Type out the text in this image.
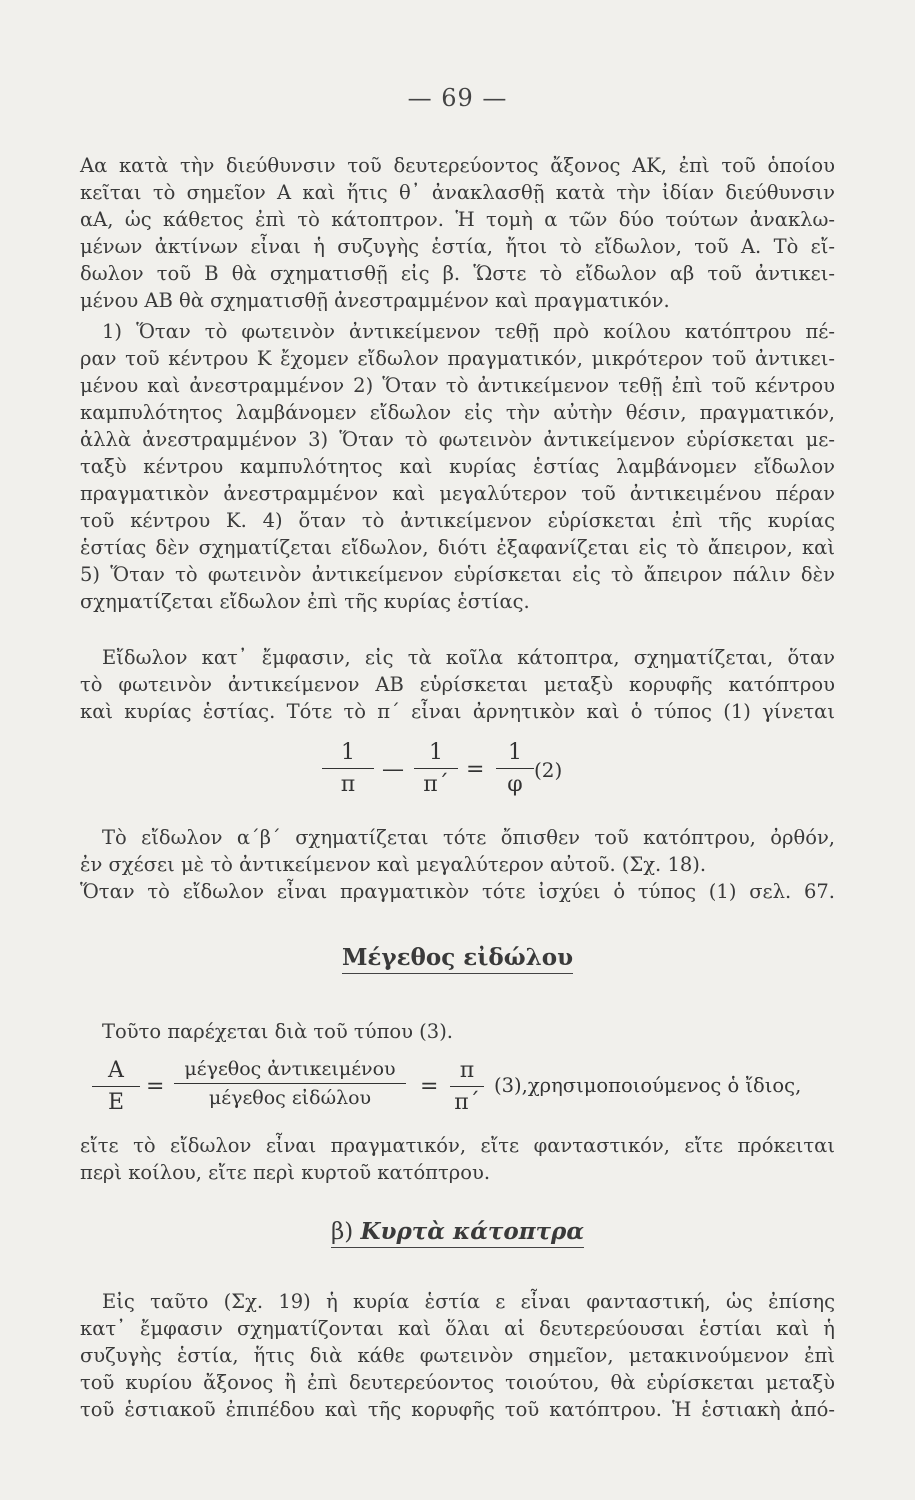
— 69 —
Αα κατὰ τὴν διεύθυνσιν τοῦ δευτερεύοντος ἄξονος ΑΚ, ἐπὶ τοῦ ὁποίου
κεῖται τὸ σημεῖον Α καὶ ἥτις θ᾽ ἀνακλασθῇ κατὰ τὴν ἰδίαν διεύθυνσιν
αΑ, ὡς κάθετος ἐπὶ τὸ κάτοπτρον. Ἡ τομὴ α τῶν δύο τούτων ἀνακλω-
μένων ἀκτίνων εἶναι ἡ συζυγὴς ἑστία, ἤτοι τὸ εἴδωλον, τοῦ Α. Τὸ εἴ-
δωλον τοῦ Β θὰ σχηματισθῇ εἰς β. Ὥστε τὸ εἴδωλον αβ τοῦ ἀντικει-
μένου ΑΒ θὰ σχηματισθῇ ἀνεστραμμένον καὶ πραγματικόν.
1) Ὅταν τὸ φωτεινὸν ἀντικείμενον τεθῇ πρὸ κοίλου κατόπτρου πέ-
ραν τοῦ κέντρου Κ ἔχομεν εἴδωλον πραγματικόν, μικρότερον τοῦ ἀντικει-
μένου καὶ ἀνεστραμμένον 2) Ὅταν τὸ ἀντικείμενον τεθῇ ἐπὶ τοῦ κέντρου
καμπυλότητος λαμβάνομεν εἴδωλον εἰς τὴν αὐτὴν θέσιν, πραγματικόν,
ἀλλὰ ἀνεστραμμένον 3) Ὅταν τὸ φωτεινὸν ἀντικείμενον εὑρίσκεται με-
ταξὺ κέντρου καμπυλότητος καὶ κυρίας ἑστίας λαμβάνομεν εἴδωλον
πραγματικὸν ἀνεστραμμένον καὶ μεγαλύτερον τοῦ ἀντικειμένου πέραν
τοῦ κέντρου Κ. 4) ὅταν τὸ ἀντικείμενον εὑρίσκεται ἐπὶ τῆς κυρίας
ἑστίας δὲν σχηματίζεται εἴδωλον, διότι ἐξαφανίζεται εἰς τὸ ἄπειρον, καὶ
5) Ὅταν τὸ φωτεινὸν ἀντικείμενον εὑρίσκεται εἰς τὸ ἄπειρον πάλιν δὲν
σχηματίζεται εἴδωλον ἐπὶ τῆς κυρίας ἑστίας.
Εἴδωλον κατ᾽ ἔμφασιν, εἰς τὰ κοῖλα κάτοπτρα, σχηματίζεται, ὅταν
τὸ φωτεινὸν ἀντικείμενον ΑΒ εὑρίσκεται μεταξὺ κορυφῆς κατόπτρου
καὶ κυρίας ἑστίας. Τότε τὸ π´ εἶναι ἀρνητικὸν καὶ ὁ τύπος (1) γίνεται
1
π
—
1
π´
=
1
φ
(2)
Τὸ εἴδωλον α´β´ σχηματίζεται τότε ὄπισθεν τοῦ κατόπτρου, ὀρθόν,
ἐν σχέσει μὲ τὸ ἀντικείμενον καὶ μεγαλύτερον αὐτοῦ. (Σχ. 18).
Ὅταν τὸ εἴδωλον εἶναι πραγματικὸν τότε ἰσχύει ὁ τύπος (1) σελ. 67.
Μέγεθος εἰδώλου
Τοῦτο παρέχεται διὰ τοῦ τύπου (3).
Α
Ε
=
μέγεθος ἀντικειμένου
μέγεθος εἰδώλου	=
π
π´
(3),χρησιμοποιούμενος ὁ ἴδιος,
εἴτε τὸ εἴδωλον εἶναι πραγματικόν, εἴτε φανταστικόν, εἴτε πρόκειται
περὶ κοίλου, εἴτε περὶ κυρτοῦ κατόπτρου.
β) Κυρτὰ κάτοπτρα
Εἰς ταῦτο (Σχ. 19) ἡ κυρία ἑστία ε εἶναι φανταστική, ὡς ἐπίσης
κατ᾽ ἔμφασιν σχηματίζονται καὶ ὅλαι αἱ δευτερεύουσαι ἑστίαι καὶ ἡ
συζυγὴς ἑστία, ἥτις διὰ κάθε φωτεινὸν σημεῖον, μετακινούμενον ἐπὶ
τοῦ κυρίου ἄξονος ἢ ἐπὶ δευτερεύοντος τοιούτου, θὰ εὑρίσκεται μεταξὺ
τοῦ ἑστιακοῦ ἐπιπέδου καὶ τῆς κορυφῆς τοῦ κατόπτρου. Ἡ ἑστιακὴ ἀπό-
